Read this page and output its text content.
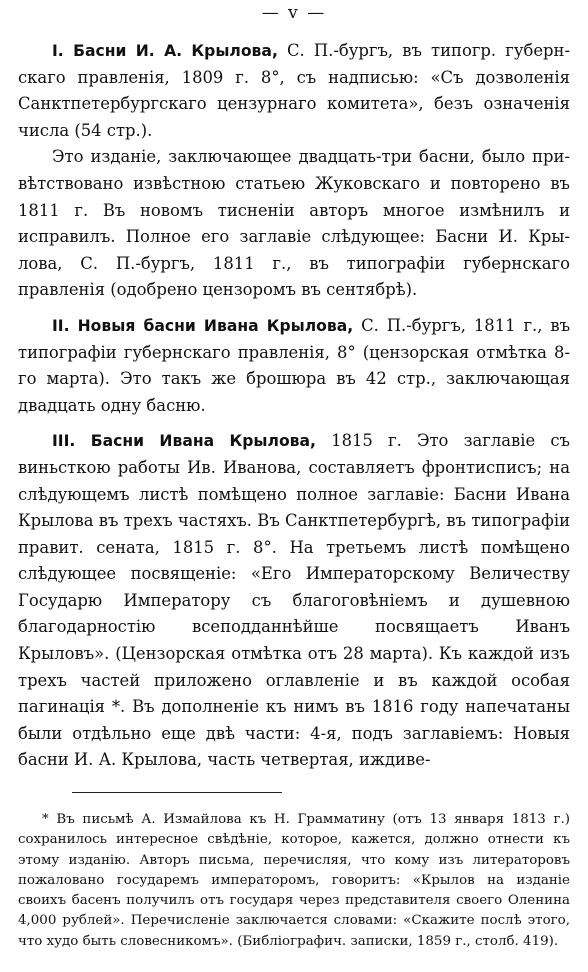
— v —

I. Басни И. А. Крылова, С. П.-бургъ, въ типогр. губернскаго правленія, 1809 г. 8°, съ надписью: «Съ дозволенія Санктпетербургскаго цензурнаго комитета», безъ означенія числа (54 стр.).

Это изданіе, заключающее двадцать-три басни, было привѣтствовано извѣстною статьею Жуковскаго и повторено въ 1811 г. Въ новомъ тисненіи авторъ многое измѣнилъ и исправилъ. Полное его заглавіе слѣдующее: Басни И. Крылова, С. П.-бургъ, 1811 г., въ типографіи губернскаго правленія (одобрено цензоромъ въ сентябрѣ).

II. Новыя басни Ивана Крылова, С. П.-бургъ, 1811 г., въ типографіи губернскаго правленія, 8° (цензорская отмѣтка 8-го марта). Это такъ же брошюра въ 42 стр., заключающая двадцать одну басню.

III. Басни Ивана Крылова, 1815 г. Это заглавіе съ виньсткою работы Ив. Иванова, составляетъ фронтисписъ; на слѣдующемъ листѣ помѣщено полное заглавіе: Басни Ивана Крылова въ трехъ частяхъ. Въ Санктпетербургѣ, въ типографіи правит. сената, 1815 г. 8°. На третьемъ листѣ помѣщено слѣдующее посвященіе: «Его Императорскому Величеству Государю Императору съ благоговѣніемъ и душевною благодарностію всеподданнѣйше посвящаетъ Иванъ Крыловъ». (Цензорская отмѣтка отъ 28 марта). Къ каждой изъ трехъ частей приложено оглавленіе и въ каждой особая пагинація *. Въ дополненіе къ нимъ въ 1816 году напечатаны были отдѣльно еще двѣ части: 4-я, подъ заглавіемъ: Новыя басни И. А. Крылова, часть четвертая, иждиве-

* Въ письмѣ А. Измайлова къ Н. Грамматину (отъ 13 января 1813 г.) сохранилось интересное свѣдѣніе, которое, кажется, должно отнести къ этому изданію. Авторъ письма, перечисляя, что кому изъ литераторовъ пожаловано государемъ императоромъ, говоритъ: «Крылов на изданіе своихъ басенъ получилъ отъ государя через представителя своего Оленина 4,000 рублей». Перечисленіе заключается словами: «Скажите послѣ этого, что худо быть словесникомъ». (Библіографич. записки, 1859 г., столб. 419).
